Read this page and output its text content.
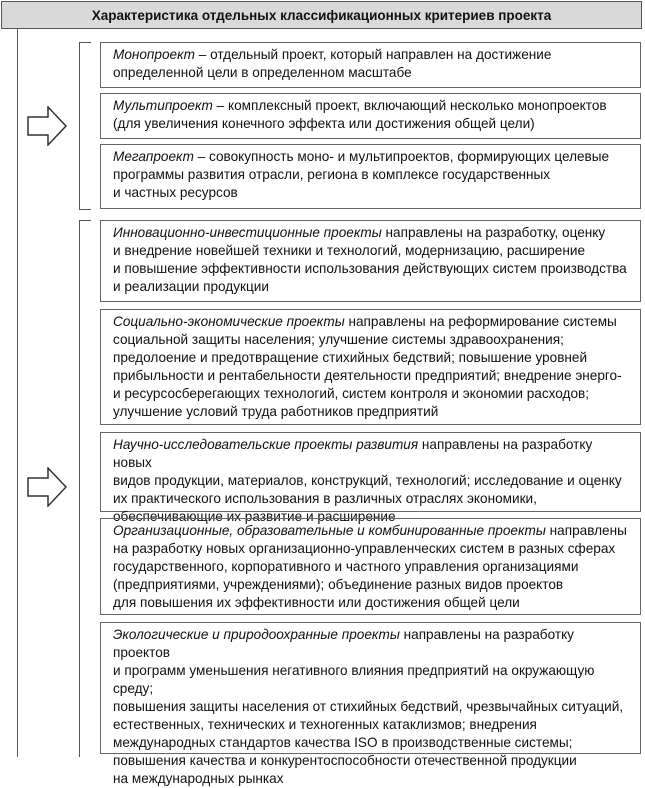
Характеристика отдельных классификационных критериев проекта
Монопроект – отдельный проект, который направлен на достижение
определенной цели в определенном масштабе
Мультипроект – комплексный проект, включающий несколько монопроектов
(для увеличения конечного эффекта или достижения общей цели)
Мегапроект – совокупность моно- и мультипроектов, формирующих целевые
программы развития отрасли, региона в комплексе государственных
и частных ресурсов
Инновационно-инвестиционные проекты направлены на разработку, оценку
и внедрение новейшей техники и технологий, модернизацию, расширение
и повышение эффективности использования действующих систем производства
и реализации продукции
Социально-экономические проекты направлены на реформирование системы
социальной защиты населения; улучшение системы здравоохранения;
предолоение и предотвращение стихийных бедствий; повышение уровней
прибыльности и рентабельности деятельности предприятий; внедрение энерго-
и ресурсосберегающих технологий, систем контроля и экономии расходов;
улучшение условий труда работников предприятий
Научно-исследовательские проекты развития направлены на разработку новых
видов продукции, материалов, конструкций, технологий; исследование и оценку
их практического использования в различных отраслях экономики,
обеспечивающие их развитие и расширение
Организационные, образовательные и комбинированные проекты направлены
на разработку новых организационно-управленческих систем в разных сферах
государственного, корпоративного и частного управления организациями
(предприятиями, учреждениями); объединение разных видов проектов
для повышения их эффективности или достижения общей цели
Экологические и природоохранные проекты направлены на разработку проектов
и программ уменьшения негативного влияния предприятий на окружающую среду;
повышения защиты населения от стихийных бедствий, чрезвычайных ситуаций,
естественных, технических и техногенных катаклизмов; внедрения
международных стандартов качества ISO в производственные системы;
повышения качества и конкурентоспособности отечественной продукции
на международных рынках
